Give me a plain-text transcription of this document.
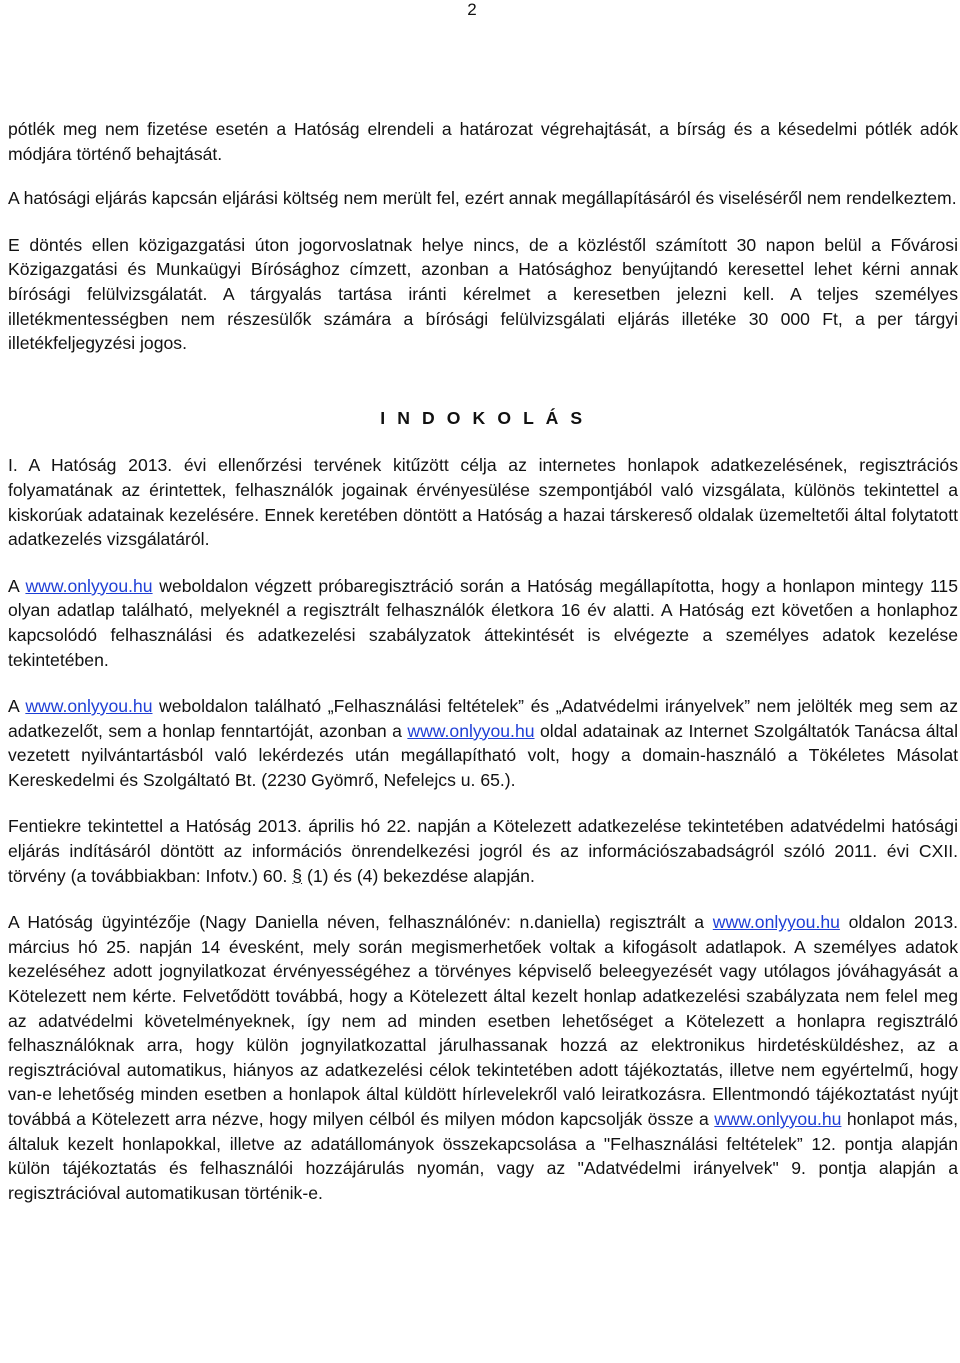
2

pótlék meg nem fizetése esetén a Hatóság elrendeli a határozat végrehajtását, a bírság és a késedelmi pótlék adók módjára történő behajtását.

A hatósági eljárás kapcsán eljárási költség nem merült fel, ezért annak megállapításáról és viseléséről nem rendelkeztem.

E döntés ellen közigazgatási úton jogorvoslatnak helye nincs, de a közléstől számított 30 napon belül a Fővárosi Közigazgatási és Munkaügyi Bírósághoz címzett, azonban a Hatósághoz benyújtandó keresettel lehet kérni annak bírósági felülvizsgálatát. A tárgyalás tartása iránti kérelmet a keresetben jelezni kell. A teljes személyes illetékmentességben nem részesülők számára a bírósági felülvizsgálati eljárás illetéke 30 000 Ft, a per tárgyi illetékfeljegyzési jogos.

I N D O K O L Á S

I. A Hatóság 2013. évi ellenőrzési tervének kitűzött célja az internetes honlapok adatkezelésének, regisztrációs folyamatának az érintettek, felhasználók jogainak érvényesülése szempontjából való vizsgálata, különös tekintettel a kiskorúak adatainak kezelésére. Ennek keretében döntött a Hatóság a hazai társkereső oldalak üzemeltetői által folytatott adatkezelés vizsgálatáról.

A www.onlyyou.hu weboldalon végzett próbaregisztráció során a Hatóság megállapította, hogy a honlapon mintegy 115 olyan adatlap található, melyeknél a regisztrált felhasználók életkora 16 év alatti. A Hatóság ezt követően a honlaphoz kapcsolódó felhasználási és adatkezelési szabályzatok áttekintését is elvégezte a személyes adatok kezelése tekintetében.

A www.onlyyou.hu weboldalon található „Felhasználási feltételek” és „Adatvédelmi irányelvek” nem jelölték meg sem az adatkezelőt, sem a honlap fenntartóját, azonban a www.onlyyou.hu oldal adatainak az Internet Szolgáltatók Tanácsa által vezetett nyilvántartásból való lekérdezés után megállapítható volt, hogy a domain-használó a Tökéletes Másolat Kereskedelmi és Szolgáltató Bt. (2230 Gyömrő, Nefelejcs u. 65.).

Fentiekre tekintettel a Hatóság 2013. április hó 22. napján a Kötelezett adatkezelése tekintetében adatvédelmi hatósági eljárás indításáról döntött az információs önrendelkezési jogról és az információszabadságról szóló 2011. évi CXII. törvény (a továbbiakban: Infotv.) 60. § (1) és (4) bekezdése alapján.

A Hatóság ügyintézője (Nagy Daniella néven, felhasználónév: n.daniella) regisztrált a www.onlyyou.hu oldalon 2013. március hó 25. napján 14 évesként, mely során megismerhetőek voltak a kifogásolt adatlapok. A személyes adatok kezeléséhez adott jognyilatkozat érvényességéhez a törvényes képviselő beleegyezését vagy utólagos jóváhagyását a Kötelezett nem kérte. Felvetődött továbbá, hogy a Kötelezett által kezelt honlap adatkezelési szabályzata nem felel meg az adatvédelmi követelményeknek, így nem ad minden esetben lehetőséget a Kötelezett a honlapra regisztráló felhasználóknak arra, hogy külön jognyilatkozattal járulhassanak hozzá az elektronikus hirdetésküldéshez, az a regisztrációval automatikus, hiányos az adatkezelési célok tekintetében adott tájékoztatás, illetve nem egyértelmű, hogy van-e lehetőség minden esetben a honlapok által küldött hírlevelekről való leiratkozásra. Ellentmondó tájékoztatást nyújt továbbá a Kötelezett arra nézve, hogy milyen célból és milyen módon kapcsolják össze a www.onlyyou.hu honlapot más, általuk kezelt honlapokkal, illetve az adatállományok összekapcsolása a "Felhasználási feltételek” 12. pontja alapján külön tájékoztatás és felhasználói hozzájárulás nyomán, vagy az "Adatvédelmi irányelvek" 9. pontja alapján a regisztrációval automatikusan történik-e.
